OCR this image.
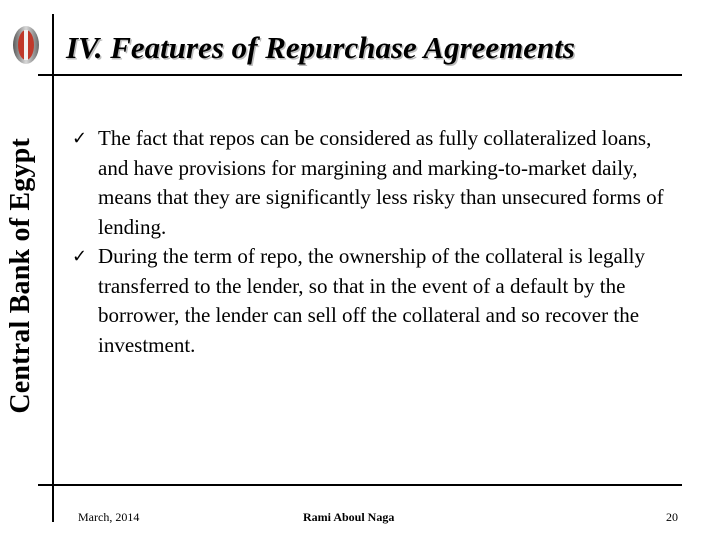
Central Bank of Egypt
IV. Features of Repurchase Agreements
✓ The fact that repos can be considered as fully collateralized loans, and have provisions for margining and marking-to-market daily, means that they are significantly less risky than unsecured forms of lending.
✓ During the term of repo, the ownership of the collateral is legally transferred to the lender, so that in the event of a default by the borrower, the lender can sell off the collateral and so recover the investment.
March, 2014	Rami Aboul Naga	20
